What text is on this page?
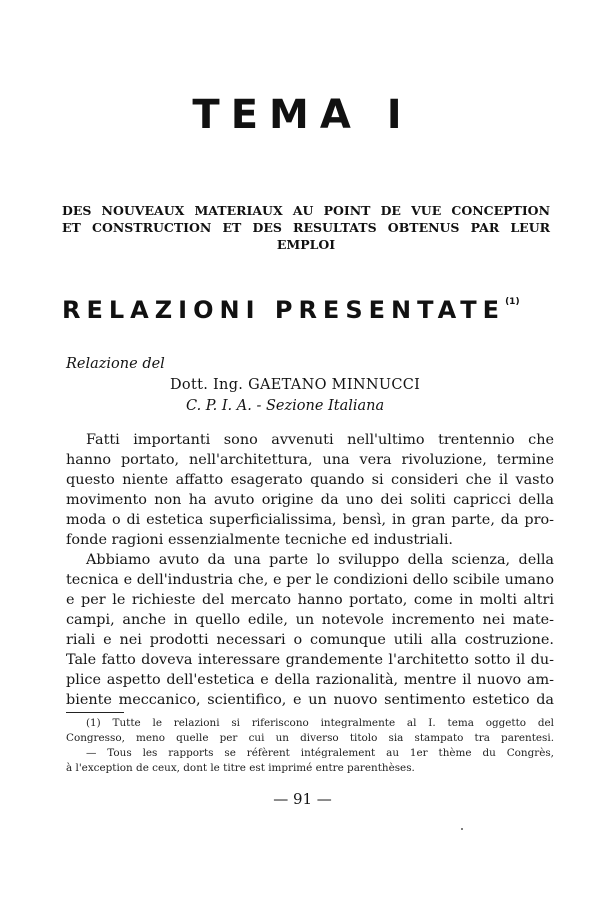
TEMA I
DES NOUVEAUX MATERIAUX AU POINT DE VUE CONCEPTION
ET CONSTRUCTION ET DES RESULTATS OBTENUS PAR LEUR
EMPLOI
RELAZIONI PRESENTATE$^{(1)}$
Relazione del
Dott. Ing. GAETANO MINNUCCI
C. P. I. A. - Sezione Italiana
Fatti importanti sono avvenuti nell'ultimo trentennio che
hanno portato, nell'architettura, una vera rivoluzione, termine
questo niente affatto esagerato quando si consideri che il vasto
movimento non ha avuto origine da uno dei soliti capricci della
moda o di estetica superficialissima, bensì, in gran parte, da pro-
fonde ragioni essenzialmente tecniche ed industriali.
Abbiamo avuto da una parte lo sviluppo della scienza, della
tecnica e dell'industria che, e per le condizioni dello scibile umano
e per le richieste del mercato hanno portato, come in molti altri
campi, anche in quello edile, un notevole incremento nei mate-
riali e nei prodotti necessari o comunque utili alla costruzione.
Tale fatto doveva interessare grandemente l'architetto sotto il du-
plice aspetto dell'estetica e della razionalità, mentre il nuovo am-
biente meccanico, scientifico, e un nuovo sentimento estetico da
(1) Tutte le relazioni si riferiscono integralmente al I. tema oggetto del
Congresso, meno quelle per cui un diverso titolo sia stampato tra parentesi.
— Tous les rapports se réfèrent intégralement au 1er thème du Congrès,
à l'exception de ceux, dont le titre est imprimé entre parenthèses.
— 91 —
